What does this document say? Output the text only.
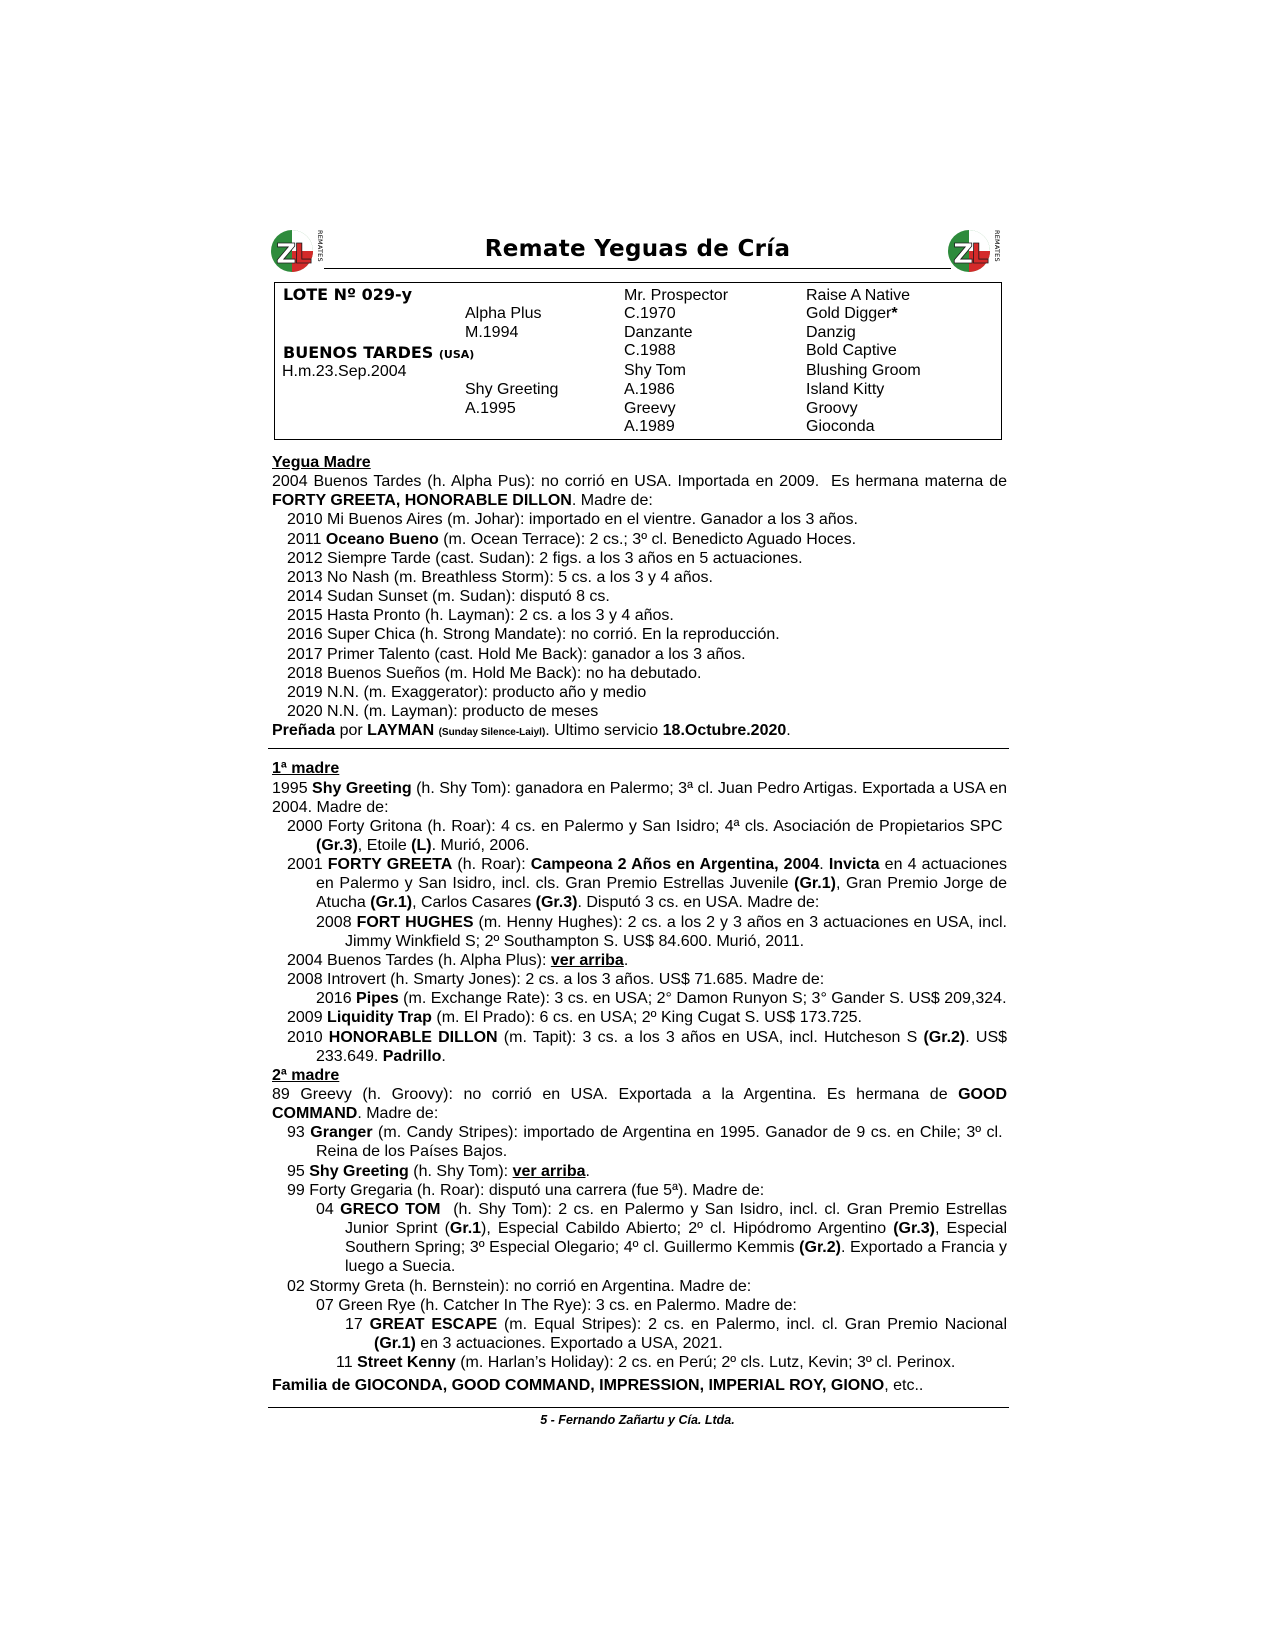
Z
L REMATES	Remate Yeguas de Cría	Z
L REMATES
LOTE Nº 029-y
BUENOS TARDES (USA)
H.m.23.Sep.2004
Alpha Plus
M.1994
Shy Greeting
A.1995
Mr. Prospector
C.1970
Danzante
C.1988
Shy Tom
A.1986
Greevy
A.1989
Raise A Native
Gold Digger*
Danzig
Bold Captive
Blushing Groom
Island Kitty
Groovy
Gioconda
Yegua Madre
2004 Buenos Tardes (h. Alpha Pus): no corrió en USA. Importada en 2009.  Es hermana materna de FORTY GREETA, HONORABLE DILLON. Madre de:
2010 Mi Buenos Aires (m. Johar): importado en el vientre. Ganador a los 3 años.
2011 Oceano Bueno (m. Ocean Terrace): 2 cs.; 3º cl. Benedicto Aguado Hoces.
2012 Siempre Tarde (cast. Sudan): 2 figs. a los 3 años en 5 actuaciones.
2013 No Nash (m. Breathless Storm): 5 cs. a los 3 y 4 años.
2014 Sudan Sunset (m. Sudan): disputó 8 cs.
2015 Hasta Pronto (h. Layman): 2 cs. a los 3 y 4 años.
2016 Super Chica (h. Strong Mandate): no corrió. En la reproducción.
2017 Primer Talento (cast. Hold Me Back): ganador a los 3 años.
2018 Buenos Sueños (m. Hold Me Back): no ha debutado.
2019 N.N. (m. Exaggerator): producto año y medio
2020 N.N. (m. Layman): producto de meses
Preñada por LAYMAN (Sunday Silence-Laiyl). Ultimo servicio 18.Octubre.2020.
1ª madre
1995 Shy Greeting (h. Shy Tom): ganadora en Palermo; 3ª cl. Juan Pedro Artigas. Exportada a USA en 2004. Madre de:
2000 Forty Gritona (h. Roar): 4 cs. en Palermo y San Isidro; 4ª cls. Asociación de Propietarios SPC  (Gr.3), Etoile (L). Murió, 2006.
2001 FORTY GREETA (h. Roar): Campeona 2 Años en Argentina, 2004. Invicta en 4 actuaciones en Palermo y San Isidro, incl. cls. Gran Premio Estrellas Juvenile (Gr.1), Gran Premio Jorge de Atucha (Gr.1), Carlos Casares (Gr.3). Disputó 3 cs. en USA. Madre de:
2008 FORT HUGHES (m. Henny Hughes): 2 cs. a los 2 y 3 años en 3 actuaciones en USA, incl. Jimmy Winkfield S; 2º Southampton S. US$ 84.600. Murió, 2011.
2004 Buenos Tardes (h. Alpha Plus): ver arriba.
2008 Introvert (h. Smarty Jones): 2 cs. a los 3 años. US$ 71.685. Madre de:
2016 Pipes (m. Exchange Rate): 3 cs. en USA; 2° Damon Runyon S; 3° Gander S. US$ 209,324.
2009 Liquidity Trap (m. El Prado): 6 cs. en USA; 2º King Cugat S. US$ 173.725.
2010 HONORABLE DILLON (m. Tapit): 3 cs. a los 3 años en USA, incl. Hutcheson S (Gr.2). US$ 233.649. Padrillo.
2ª madre
89 Greevy (h. Groovy): no corrió en USA. Exportada a la Argentina. Es hermana de GOOD COMMAND. Madre de:
93 Granger (m. Candy Stripes): importado de Argentina en 1995. Ganador de 9 cs. en Chile; 3º cl.  Reina de los Países Bajos.
95 Shy Greeting (h. Shy Tom): ver arriba.
99 Forty Gregaria (h. Roar): disputó una carrera (fue 5ª). Madre de:
04 GRECO TOM  (h. Shy Tom): 2 cs. en Palermo y San Isidro, incl. cl. Gran Premio Estrellas Junior Sprint (Gr.1), Especial Cabildo Abierto; 2º cl. Hipódromo Argentino (Gr.3), Especial Southern Spring; 3º Especial Olegario; 4º cl. Guillermo Kemmis (Gr.2). Exportado a Francia y luego a Suecia.
02 Stormy Greta (h. Bernstein): no corrió en Argentina. Madre de:
07 Green Rye (h. Catcher In The Rye): 3 cs. en Palermo. Madre de:
17 GREAT ESCAPE (m. Equal Stripes): 2 cs. en Palermo, incl. cl. Gran Premio Nacional (Gr.1) en 3 actuaciones. Exportado a USA, 2021.
11 Street Kenny (m. Harlan’s Holiday): 2 cs. en Perú; 2º cls. Lutz, Kevin; 3º cl. Perinox.
Familia de GIOCONDA, GOOD COMMAND, IMPRESSION, IMPERIAL ROY, GIONO, etc..
5 - Fernando Zañartu y Cía. Ltda.
